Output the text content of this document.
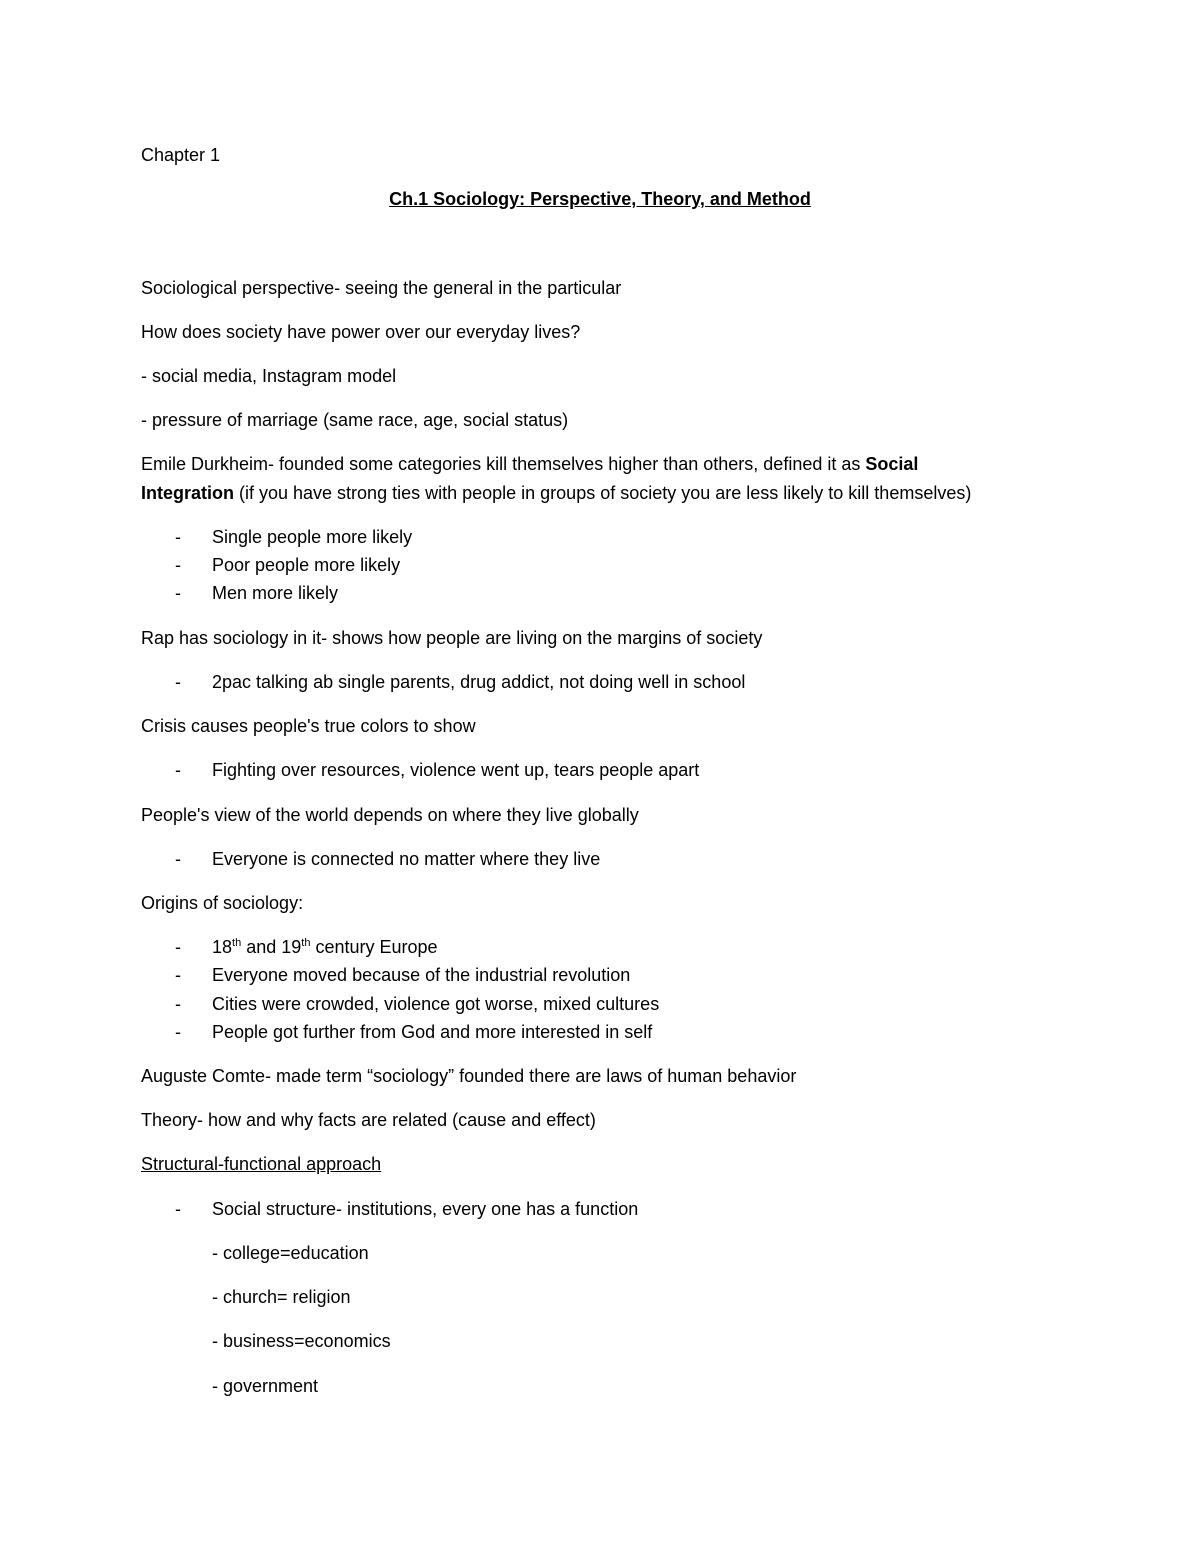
Chapter 1
Ch.1 Sociology: Perspective, Theory, and Method
Sociological perspective- seeing the general in the particular
How does society have power over our everyday lives?
- social media, Instagram model
- pressure of marriage (same race, age, social status)
Emile Durkheim- founded some categories kill themselves higher than others, defined it as Social
Integration (if you have strong ties with people in groups of society you are less likely to kill themselves)
- Single people more likely
- Poor people more likely
- Men more likely
Rap has sociology in it- shows how people are living on the margins of society
- 2pac talking ab single parents, drug addict, not doing well in school
Crisis causes people's true colors to show
- Fighting over resources, violence went up, tears people apart
People's view of the world depends on where they live globally
- Everyone is connected no matter where they live
Origins of sociology:
- 18th and 19th century Europe
- Everyone moved because of the industrial revolution
- Cities were crowded, violence got worse, mixed cultures
- People got further from God and more interested in self
Auguste Comte- made term “sociology” founded there are laws of human behavior
Theory- how and why facts are related (cause and effect)
Structural-functional approach
- Social structure- institutions, every one has a function
- college=education
- church= religion
- business=economics
- government
